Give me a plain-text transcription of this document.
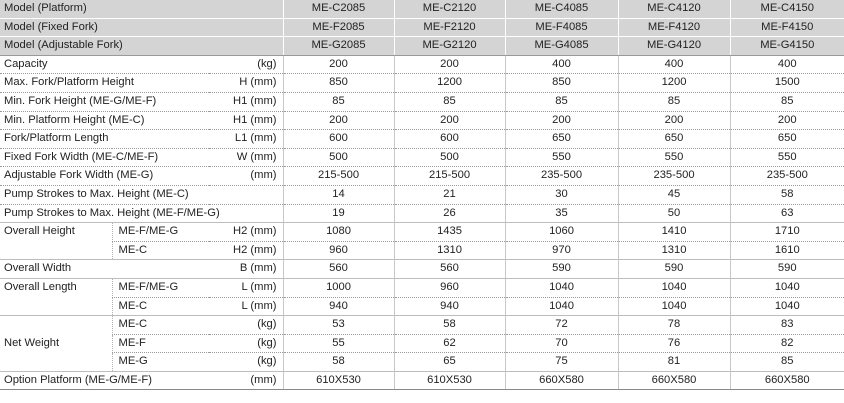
Model (Platform)			ME-C2085	ME-C2120	ME-C4085	ME-C4120	ME-C4150
Model (Fixed Fork)			ME-F2085	ME-F2120	ME-F4085	ME-F4120	ME-F4150
Model (Adjustable Fork)			ME-G2085	ME-G2120	ME-G4085	ME-G4120	ME-G4150
Capacity		(kg)	200	200	400	400	400
Max. Fork/Platform Height		H (mm)	850	1200	850	1200	1500
Min. Fork Height (ME-G/ME-F)		H1 (mm)	85	85	85	85	85
Min. Platform Height (ME-C)		H1 (mm)	200	200	200	200	200
Fork/Platform Length		L1 (mm)	600	600	650	650	650
Fixed Fork Width (ME-C/ME-F)		W (mm)	500	500	550	550	550
Adjustable Fork Width (ME-G)		(mm)	215-500	215-500	235-500	235-500	235-500
Pump Strokes to Max. Height (ME-C)			14	21	30	45	58
Pump Strokes to Max. Height (ME-F/ME-G)			19	26	35	50	63
Overall Height	ME-F/ME-G	H2 (mm)	1080	1435	1060	1410	1710
	ME-C	H2 (mm)	960	1310	970	1310	1610
Overall Width		B (mm)	560	560	590	590	590
Overall Length	ME-F/ME-G	L (mm)	1000	960	1040	1040	1040
	ME-C	L (mm)	940	940	1040	1040	1040
Net Weight	ME-C	(kg)	53	58	72	78	83
	ME-F	(kg)	55	62	70	76	82
	ME-G	(kg)	58	65	75	81	85
Option Platform (ME-G/ME-F)		(mm)	610X530	610X530	660X580	660X580	660X580
